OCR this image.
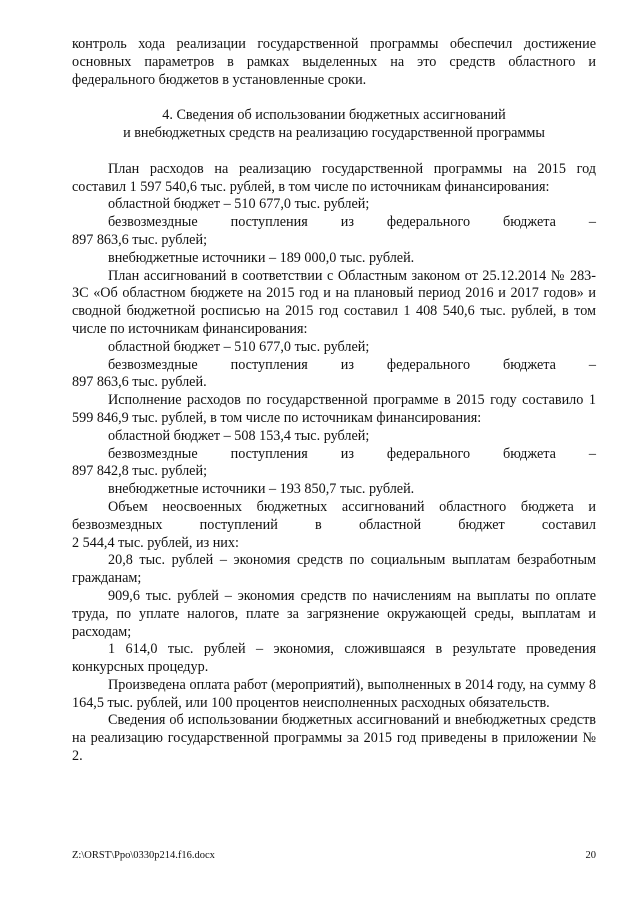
контроль хода реализации государственной программы обеспечил достижение основных параметров в рамках выделенных на это средств областного и федерального бюджетов в установленные сроки.

4. Сведения об использовании бюджетных ассигнований

и внебюджетных средств на реализацию государственной программы

План расходов на реализацию государственной программы на 2015 год составил 1 597 540,6 тыс. рублей, в том числе по источникам финансирования:

областной бюджет – 510 677,0 тыс. рублей;

безвозмездные поступления из федерального бюджета –

897 863,6 тыс. рублей;

внебюджетные источники – 189 000,0 тыс. рублей.

План ассигнований в соответствии с Областным законом от 25.12.2014 № 283-ЗС «Об областном бюджете на 2015 год и на плановый период 2016 и 2017 годов» и сводной бюджетной росписью на 2015 год составил 1 408 540,6 тыс. рублей, в том числе по источникам финансирования:

областной бюджет – 510 677,0 тыс. рублей;

безвозмездные поступления из федерального бюджета –

897 863,6 тыс. рублей.

Исполнение расходов по государственной программе в 2015 году составило 1 599 846,9 тыс. рублей, в том числе по источникам финансирования:

областной бюджет – 508 153,4 тыс. рублей;

безвозмездные поступления из федерального бюджета –

897 842,8 тыс. рублей;

внебюджетные источники – 193 850,7 тыс. рублей.

Объем неосвоенных бюджетных ассигнований областного бюджета и

безвозмездных поступлений в областной бюджет составил

2 544,4 тыс. рублей, из них:

20,8 тыс. рублей – экономия средств по социальным выплатам безработным гражданам;

909,6 тыс. рублей – экономия средств по начислениям на выплаты по оплате труда, по уплате налогов, плате за загрязнение окружающей среды, выплатам и расходам;

1 614,0 тыс. рублей – экономия, сложившаяся в результате проведения конкурсных процедур.

Произведена оплата работ (мероприятий), выполненных в 2014 году, на сумму 8 164,5 тыс. рублей, или 100 процентов неисполненных расходных обязательств.

Сведения об использовании бюджетных ассигнований и внебюджетных средств на реализацию государственной программы за 2015 год приведены в приложении № 2.

Z:\ORST\Ppo\0330p214.f16.docx	20
